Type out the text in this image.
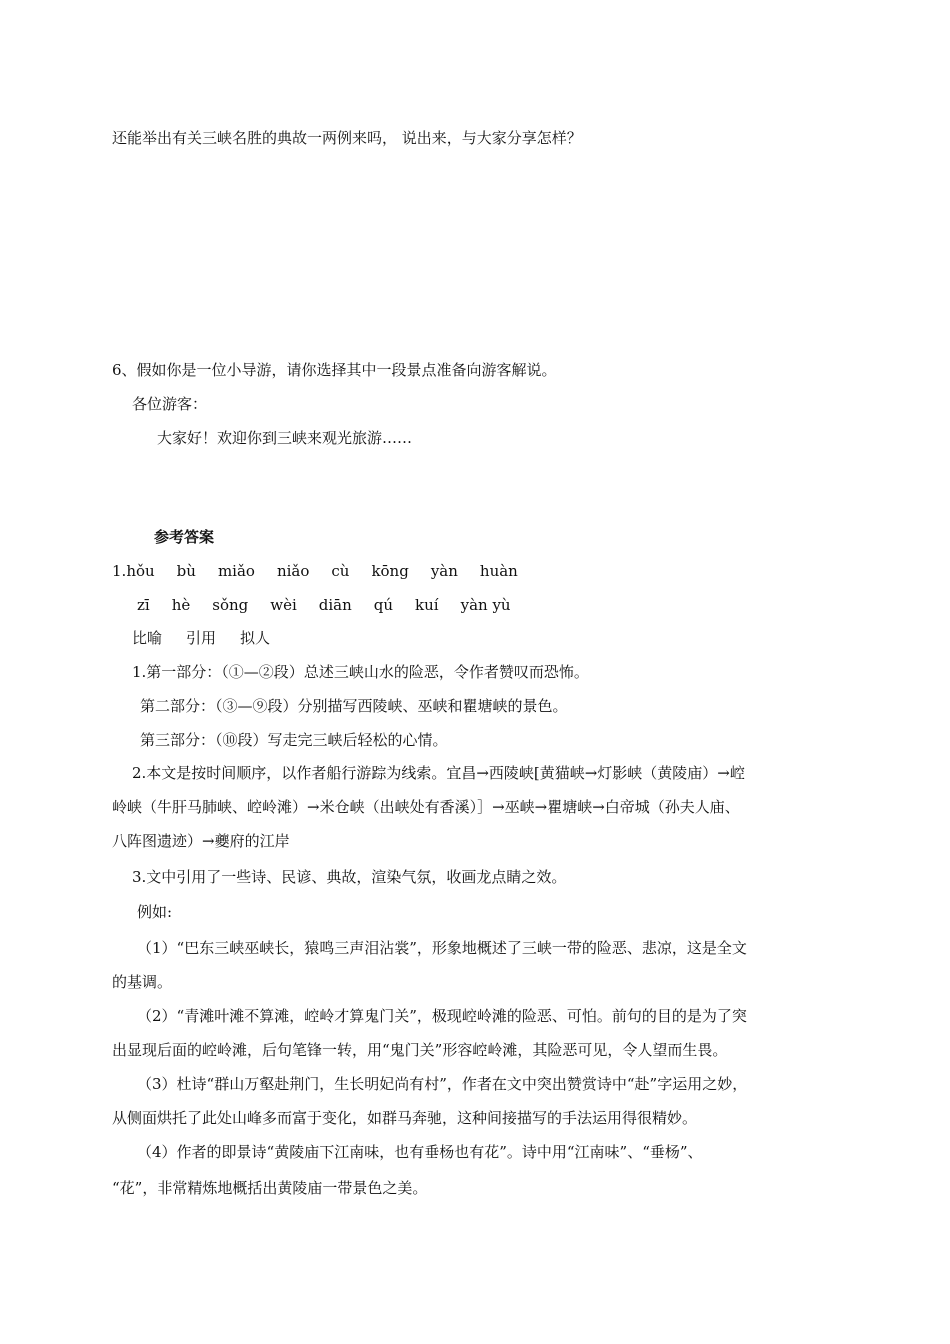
还能举出有关三峡名胜的典故一两例来吗， 说出来，与大家分享怎样？
6、假如你是一位小导游，请你选择其中一段景点准备向游客解说。
各位游客：
大家好！欢迎你到三峡来观光旅游……
参考答案
1.hǒu bù miǎo niǎo cù kōng yàn huàn
zī hè sǒng wèi diān qú kuí yàn yù
比喻 引用 拟人
1.第一部分：（①—②段）总述三峡山水的险恶，令作者赞叹而恐怖。
第二部分：（③—⑨段）分别描写西陵峡、巫峡和瞿塘峡的景色。
第三部分：（⑩段）写走完三峡后轻松的心情。
2.本文是按时间顺序，以作者船行游踪为线索。宜昌→西陵峡[黄猫峡→灯影峡（黄陵庙）→崆
岭峡（牛肝马肺峡、崆岭滩）→米仓峡（出峡处有香溪）］→巫峡→瞿塘峡→白帝城（孙夫人庙、
八阵图遗迹）→夔府的江岸
3.文中引用了一些诗、民谚、典故，渲染气氛，收画龙点睛之效。
例如:
（1）“巴东三峡巫峡长，猿鸣三声泪沾裳”，形象地概述了三峡一带的险恶、悲凉，这是全文
的基调。
（2）“青滩叶滩不算滩，崆岭才算鬼门关”，极现崆岭滩的险恶、可怕。前句的目的是为了突
出显现后面的崆岭滩，后句笔锋一转，用“鬼门关”形容崆岭滩，其险恶可见，令人望而生畏。
（3）杜诗“群山万壑赴荆门，生长明妃尚有村”，作者在文中突出赞赏诗中“赴”字运用之妙，
从侧面烘托了此处山峰多而富于变化，如群马奔驰，这种间接描写的手法运用得很精妙。
（4）作者的即景诗“黄陵庙下江南味，也有垂杨也有花”。诗中用“江南味”、“垂杨”、
“花”，非常精炼地概括出黄陵庙一带景色之美。
